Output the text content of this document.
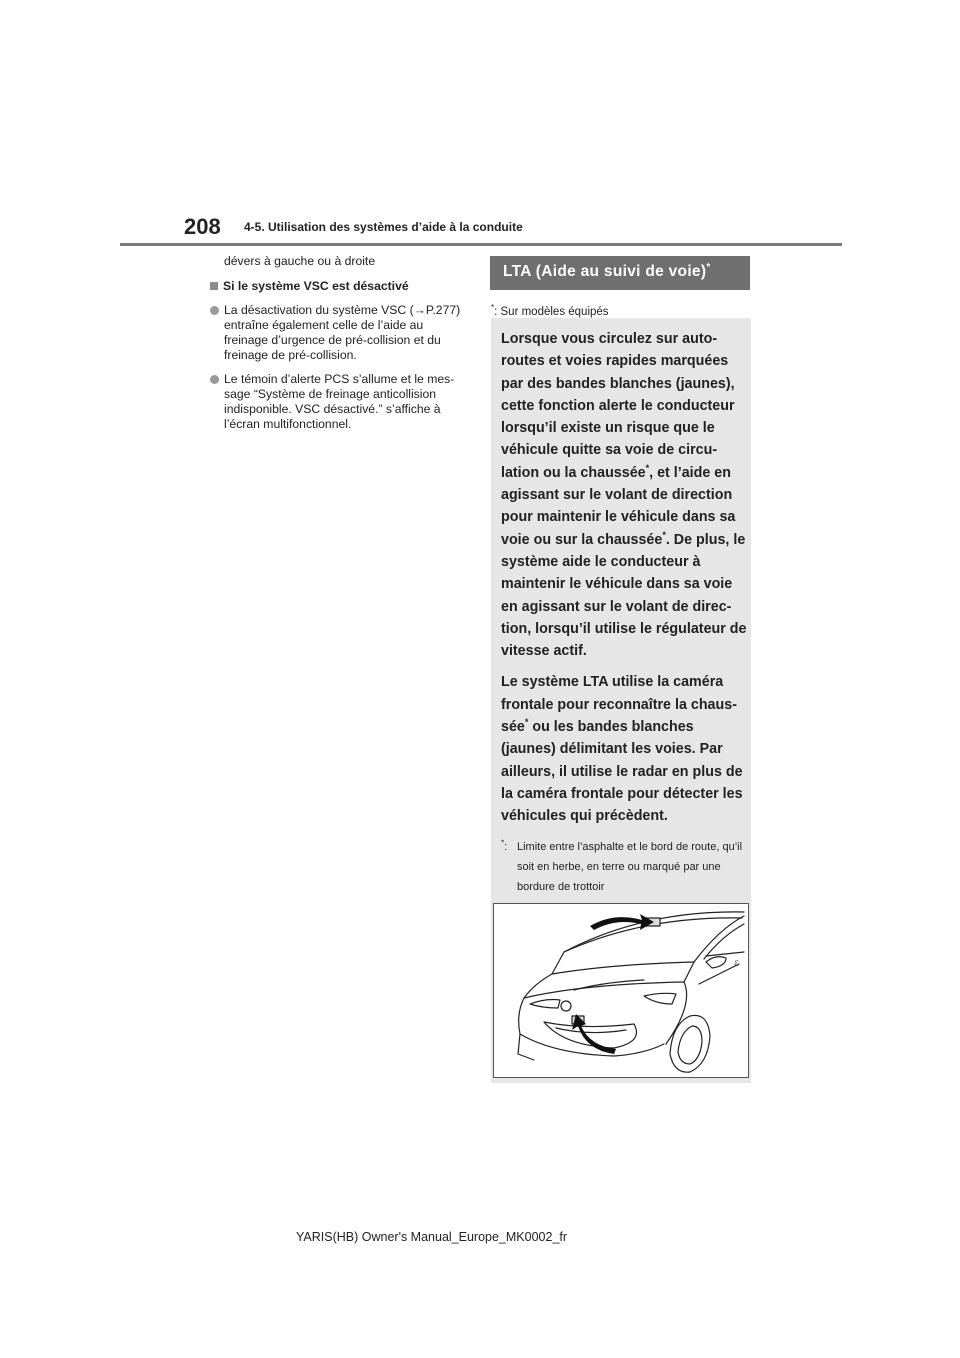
208 4-5. Utilisation des systèmes d’aide à la conduite

dévers à gauche ou à droite

Si le système VSC est désactivé
La désactivation du système VSC (→P.277) entraîne également celle de l’aide au freinage d’urgence de pré-collision et du freinage de pré-collision.
Le témoin d’alerte PCS s’allume et le message “Système de freinage anticollision indisponible. VSC désactivé.” s’affiche à l’écran multifonctionnel.
LTA (Aide au suivi de voie)*
*: Sur modèles équipés

Lorsque vous circulez sur autoroutes et voies rapides marquées par des bandes blanches (jaunes), cette fonction alerte le conducteur lorsqu’il existe un risque que le véhicule quitte sa voie de circulation ou la chaussée*, et l’aide en agissant sur le volant de direction pour maintenir le véhicule dans sa voie ou sur la chaussée*. De plus, le système aide le conducteur à maintenir le véhicule dans sa voie en agissant sur le volant de direction, lorsqu’il utilise le régulateur de vitesse actif.

Le système LTA utilise la caméra frontale pour reconnaître la chaussée* ou les bandes blanches (jaunes) délimitant les voies. Par ailleurs, il utilise le radar en plus de la caméra frontale pour détecter les véhicules qui précèdent.

*: Limite entre l’asphalte et le bord de route, qu’il soit en herbe, en terre ou marqué par une bordure de trottoir
ℰ
YARIS(HB) Owner's Manual_Europe_MK0002_fr
